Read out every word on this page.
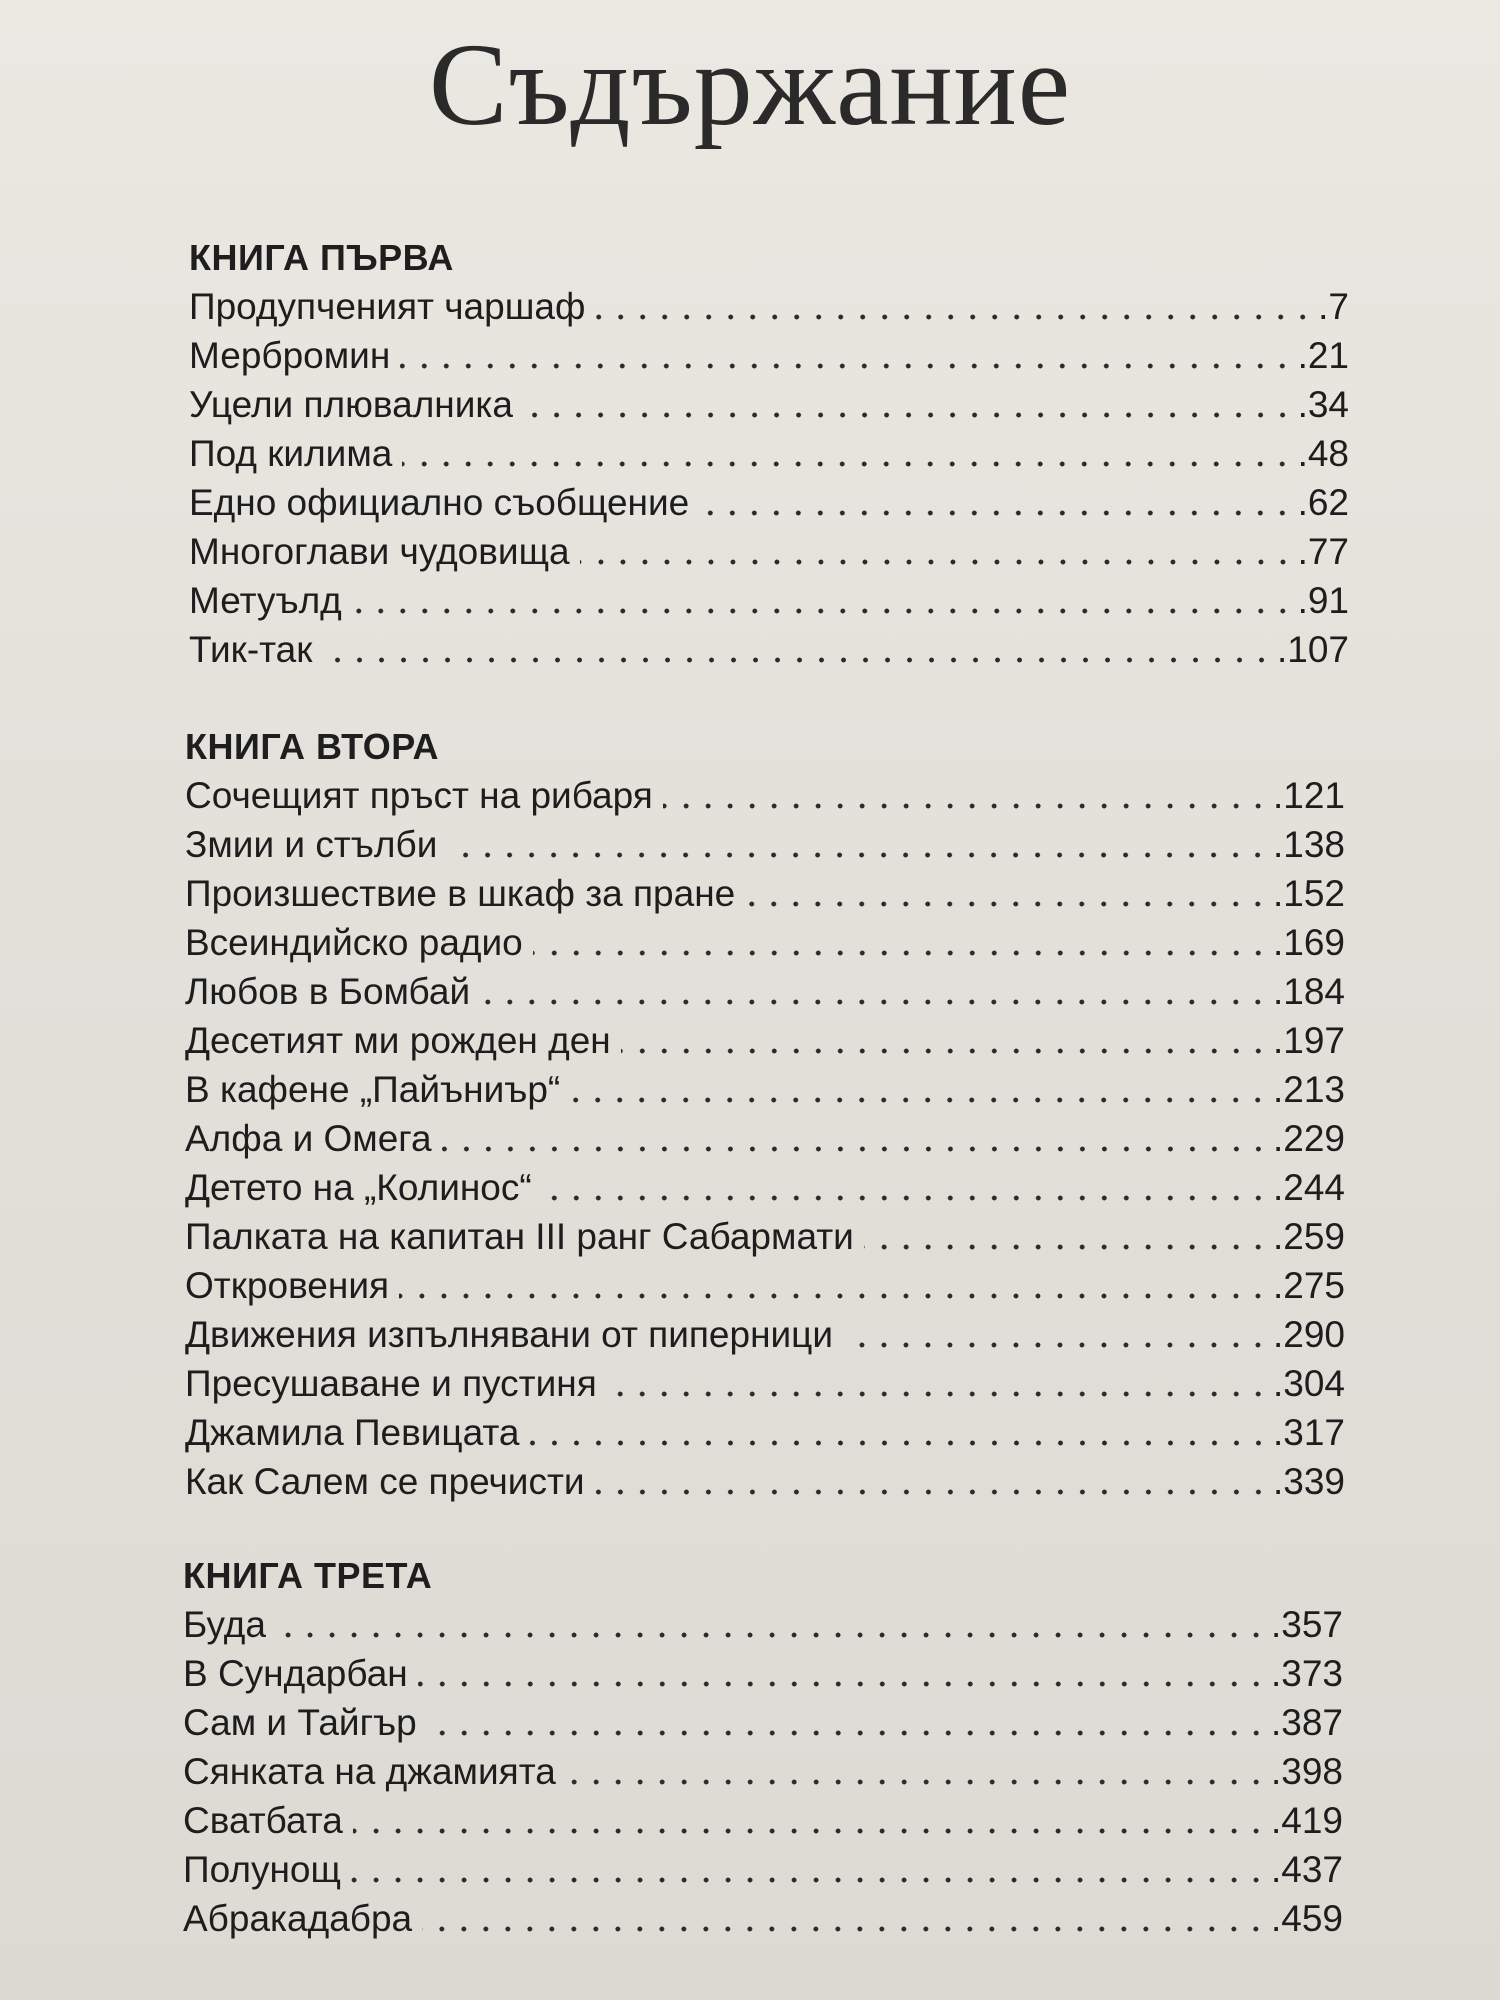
Съдържание
КНИГА ПЪРВА
Продупченият чаршаф	.7
Мербромин	.21
Уцели плювалника	.34
Под килима	.48
Едно официално съобщение	.62
Многоглави чудовища	.77
Метуълд	.91
Тик-так	.107
КНИГА ВТОРА
Сочещият пръст на рибаря	.121
Змии и стълби	.138
Произшествие в шкаф за пране	.152
Всеиндийско радио	.169
Любов в Бомбай	.184
Десетият ми рожден ден	.197
В кафене „Пайъниър“	.213
Алфа и Омега	.229
Детето на „Колинос“	.244
Палката на капитан III ранг Сабармати	.259
Откровения	.275
Движения изпълнявани от пиперници	.290
Пресушаване и пустиня	.304
Джамила Певицата	.317
Как Салем се пречисти	.339
КНИГА ТРЕТА
Буда	.357
В Сундарбан	.373
Сам и Тайгър	.387
Сянката на джамията	.398
Сватбата	.419
Полунощ	.437
Абракадабра	.459
